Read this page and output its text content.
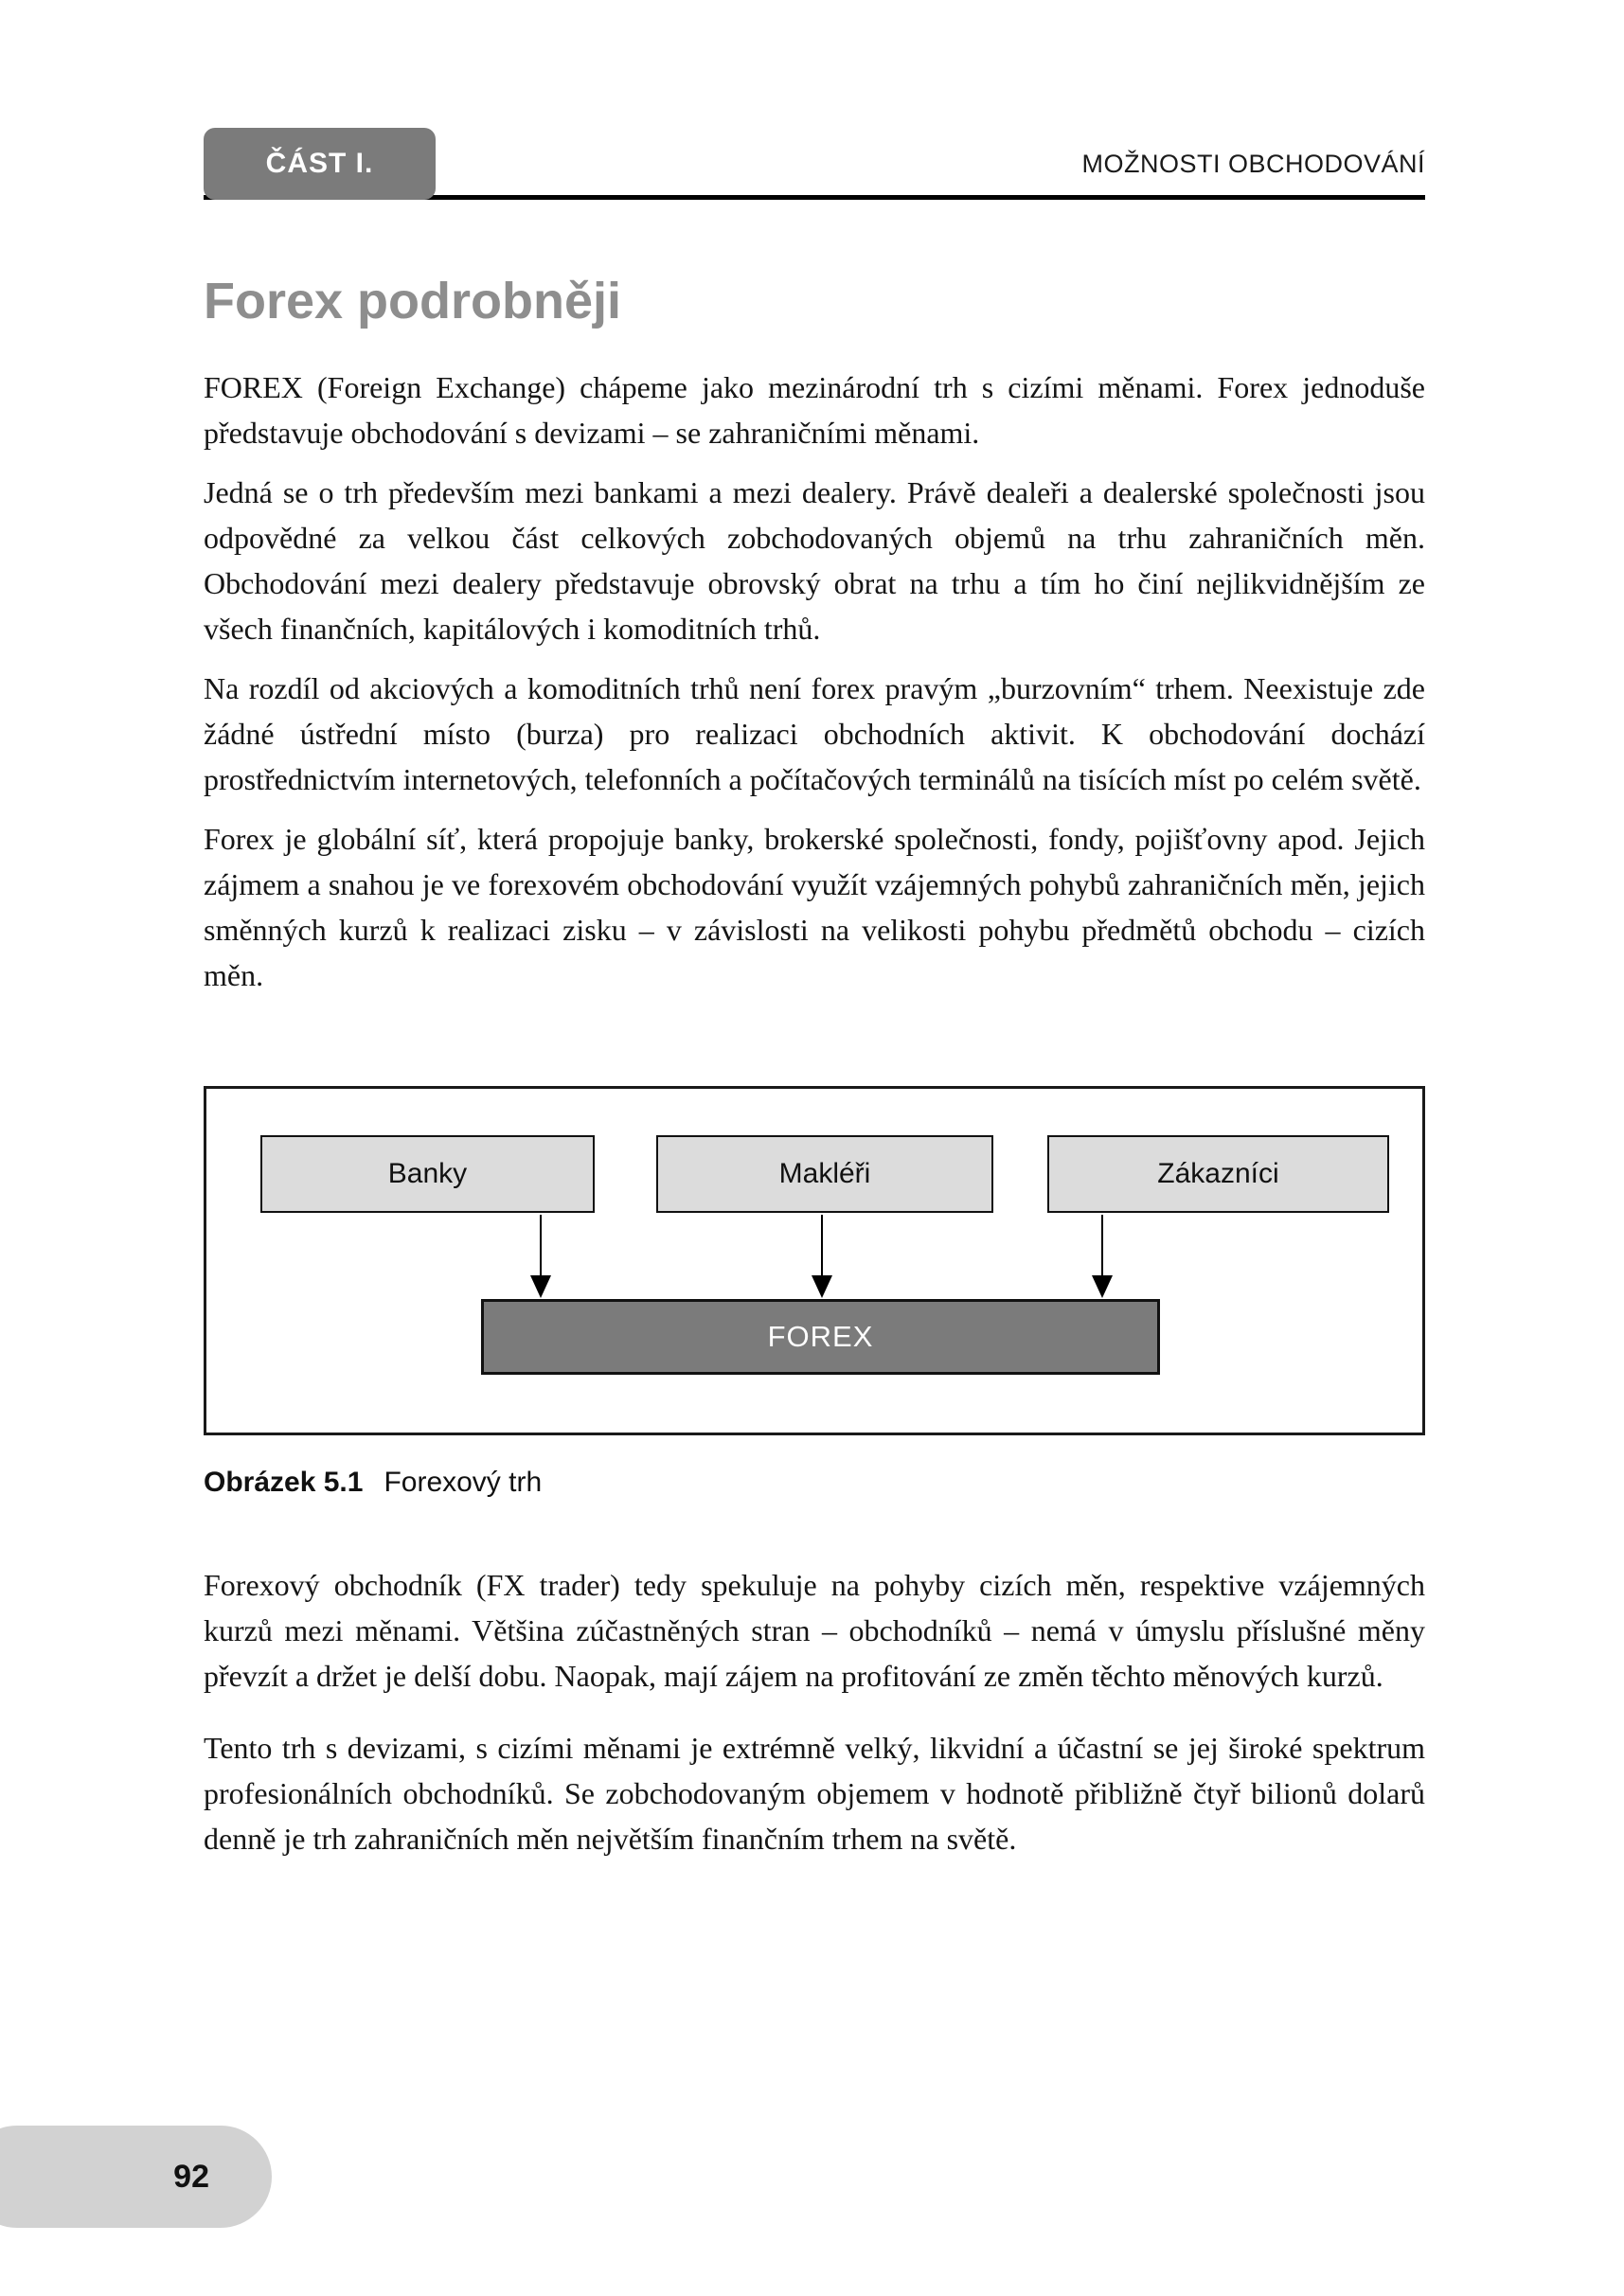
ČÁST I.	MOŽNOSTI OBCHODOVÁNÍ
Forex podrobněji

FOREX (Foreign Exchange) chápeme jako mezinárodní trh s cizími měnami. Forex jednoduše představuje obchodování s devizami – se zahraničními měnami.

Jedná se o trh především mezi bankami a mezi dealery. Právě dealeři a dealerské společnosti jsou odpovědné za velkou část celkových zobchodovaných objemů na trhu zahraničních měn. Obchodování mezi dealery představuje obrovský obrat na trhu a tím ho činí nejlikvidnějším ze všech finančních, kapitálových i komoditních trhů.

Na rozdíl od akciových a komoditních trhů není forex pravým „burzovním“ trhem. Neexistuje zde žádné ústřední místo (burza) pro realizaci obchodních aktivit. K obchodování dochází prostřednictvím internetových, telefonních a počítačových terminálů na tisících míst po celém světě.

Forex je globální síť, která propojuje banky, brokerské společnosti, fondy, pojišťovny apod. Jejich zájmem a snahou je ve forexovém obchodování využít vzájemných pohybů zahraničních měn, jejich směnných kurzů k realizaci zisku – v závislosti na velikosti pohybu předmětů obchodu – cizích měn.

Banky	Makléři	Zákazníci
FOREX
Obrázek 5.1 Forexový trh

Forexový obchodník (FX trader) tedy spekuluje na pohyby cizích měn, respektive vzájemných kurzů mezi měnami. Většina zúčastněných stran – obchodníků – nemá v úmyslu příslušné měny převzít a držet je delší dobu. Naopak, mají zájem na profitování ze změn těchto měnových kurzů.

Tento trh s devizami, s cizími měnami je extrémně velký, likvidní a účastní se jej široké spektrum profesionálních obchodníků. Se zobchodovaným objemem v hodnotě přibližně čtyř bilionů dolarů denně je trh zahraničních měn největším finančním trhem na světě.

92
